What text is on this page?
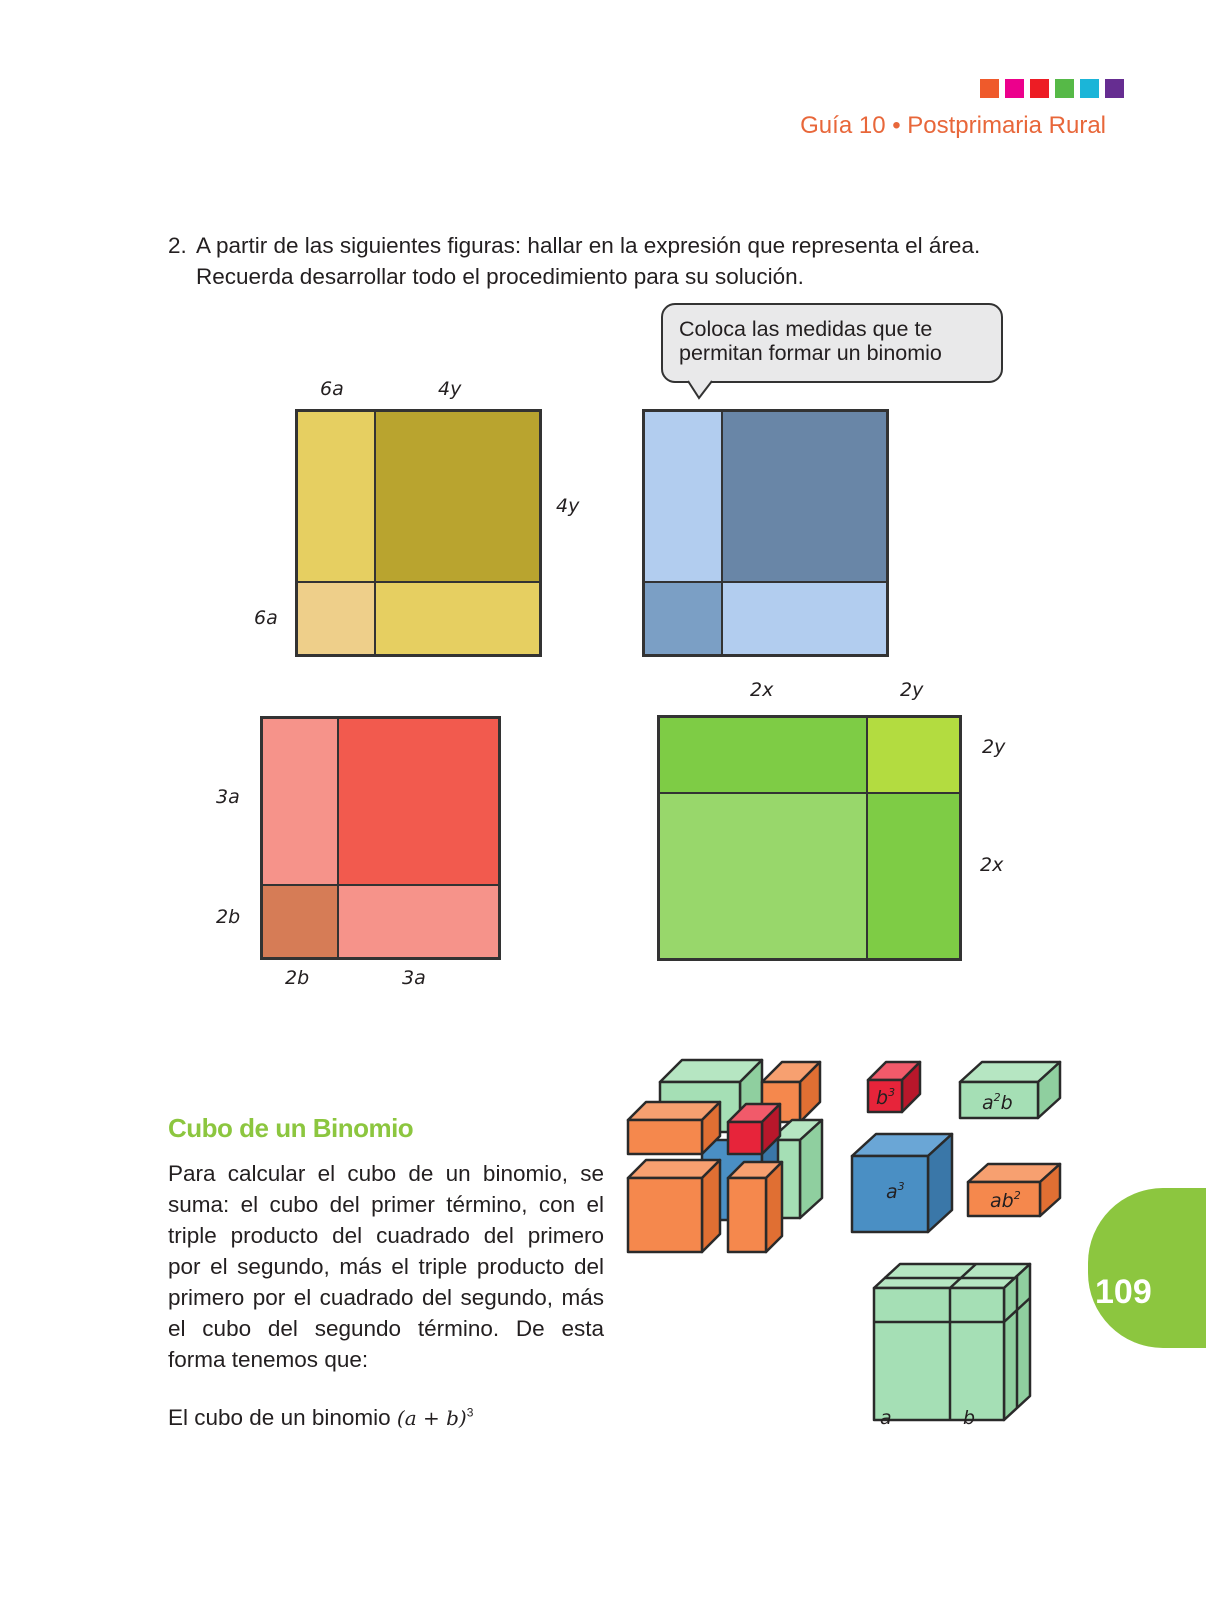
Guía 10 • Postprimaria Rural
2. A partir de las siguientes figuras: hallar en la expresión que representa el área. Recuerda desarrollar todo el procedimiento para su solución.
Coloca las medidas que te
permitan formar un binomio
6a	4y
4y
6a
3a
2b
2b	3a
2x	2y
2y
2x
Cubo de un Binomio
Para calcular el cubo de un binomio, se suma: el cubo del primer término, con el triple producto del cuadrado del primero por el segundo, más el triple producto del primero por el cuadrado del segundo, más el cubo del segundo término. De esta forma tenemos que:
El cubo de un binomio $(a + b)^3$
$b^3$	$a^2b$
$a^3$
$ab^2$
a	b
109
